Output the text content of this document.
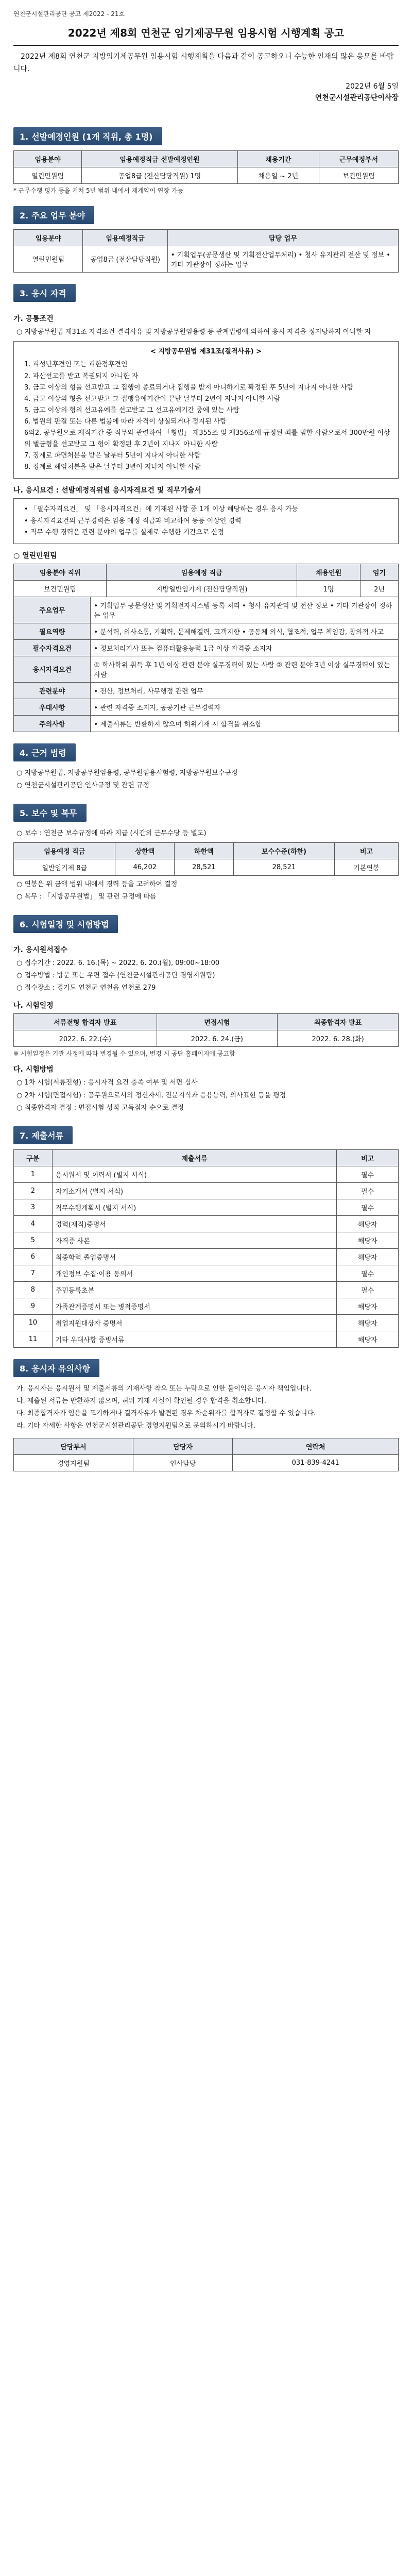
연천군시설관리공단 공고 제2022 - 21호
2022년 제8회 연천군 임기제공무원 임용시험 시행계획 공고

2022년 제8회 연천군 지방임기제공무원 임용시험 시행계획을 다음과 같이 공고하오니 수능한 인재의 많은 응모를 바랍니다.

2022년 6월 5일
연천군시설관리공단이사장
1. 선발예정인원 (1개 직위, 총 1명)
임용분야	임용예정직급 선발예정인원	채용기간	근무예정부서
열린민원팀	공업8급 (전산담당직원) 1명	채용일 ~ 2년	보건민원팀
* 근무수행 평가 등을 거쳐 5년 범위 내에서 재계약이 연장 가능
2. 주요 업무 분야
임용분야	임용예정직급	담당 업무
열린민원팀	공업8급 (전산담당직원)	• 기획업무(공문생산 및 기획전산업무처리) • 청사 유지관리 전산 및 정보 • 기타 기관장이 정하는 업무
3. 응시 자격
가. 공통조건
○ 지방공무원법 제31조 자격조건 결격사유 및 지방공무원임용령 등 관계법령에 의하여 응시 자격을 정지당하지 아니한 자
< 지방공무원법 제31조(결격사유) >
1. 피성년후견인 또는 피한정후견인
2. 파산선고를 받고 복권되지 아니한 자
3. 금고 이상의 형을 선고받고 그 집행이 종료되거나 집행을 받지 아니하기로 확정된 후 5년이 지나지 아니한 사람
4. 금고 이상의 형을 선고받고 그 집행유예기간이 끝난 날부터 2년이 지나지 아니한 사람
5. 금고 이상의 형의 선고유예를 선고받고 그 선고유예기간 중에 있는 사람
6. 법원의 판결 또는 다른 법률에 따라 자격이 상실되거나 정지된 사람
6의2. 공무원으로 재직기간 중 직무와 관련하여 「형법」 제355조 및 제356조에 규정된 죄를 범한 사람으로서 300만원 이상의 벌금형을 선고받고 그 형이 확정된 후 2년이 지나지 아니한 사람
7. 징계로 파면처분을 받은 날부터 5년이 지나지 아니한 사람
8. 징계로 해임처분을 받은 날부터 3년이 지나지 아니한 사람
나. 응시요건 : 선발예정직위별 응시자격요건 및 직무기술서
• 「필수자격요건」 및 「응시자격요건」에 기재된 사항 중 1개 이상 해당하는 경우 응시 가능
• 응시자격요건의 근무경력은 임용 예정 직급과 비교하여 동등 이상인 경력
• 직무 수행 경력은 관련 분야의 업무를 실제로 수행한 기간으로 산정
○ 열린민원팀
임용분야 직위	임용예정 직급	채용인원	임기
보건민원팀	지방일반임기제 (전산담당직원)	1명	2년
주요업무	• 기획업무 공문생산 및 기획전자시스템 등록 처리 • 청사 유지관리 및 전산 정보 • 기타 기관장이 정하는 업무
필요역량	• 분석력, 의사소통, 기획력, 문제해결력, 고객지향 • 공동체 의식, 협조적, 업무 책임감, 창의적 사고
필수자격요건	• 정보처리기사 또는 컴퓨터활용능력 1급 이상 자격증 소지자
응시자격요건	① 학사학위 취득 후 1년 이상 관련 분야 실무경력이 있는 사람 ② 관련 분야 3년 이상 실무경력이 있는 사람
관련분야	• 전산, 정보처리, 사무행정 관련 업무
우대사항	• 관련 자격증 소지자, 공공기관 근무경력자
주의사항	• 제출서류는 반환하지 않으며 허위기재 시 합격을 취소함
4. 근거 법령
○ 지방공무원법, 지방공무원임용령, 공무원임용시험령, 지방공무원보수규정
○ 연천군시설관리공단 인사규정 및 관련 규정
5. 보수 및 복무
○ 보수 : 연천군 보수규정에 따라 지급 (시간외 근무수당 등 별도)
임용예정 직급	상한액	하한액	보수수준(하한)	비고
일반임기제 8급	46,202	28,521	28,521	기본연봉
○ 연봉은 위 금액 범위 내에서 경력 등을 고려하여 결정
○ 복무 : 「지방공무원법」 및 관련 규정에 따름
6. 시험일정 및 시험방법
가. 응시원서접수
○ 접수기간 : 2022. 6. 16.(목) ~ 2022. 6. 20.(월), 09:00~18:00
○ 접수방법 : 방문 또는 우편 접수 (연천군시설관리공단 경영지원팀)
○ 접수장소 : 경기도 연천군 연천읍 연천로 279
나. 시험일정
서류전형 합격자 발표	면접시험	최종합격자 발표
2022. 6. 22.(수)	2022. 6. 24.(금)	2022. 6. 28.(화)
※ 시험일정은 기관 사정에 따라 변경될 수 있으며, 변경 시 공단 홈페이지에 공고함
다. 시험방법
○ 1차 시험(서류전형) : 응시자격 요건 충족 여부 및 서면 심사
○ 2차 시험(면접시험) : 공무원으로서의 정신자세, 전문지식과 응용능력, 의사표현 등을 평정
○ 최종합격자 결정 : 면접시험 성적 고득점자 순으로 결정
7. 제출서류
구분	제출서류	비고
1	응시원서 및 이력서 (별지 서식)	필수
2	자기소개서 (별지 서식)	필수
3	직무수행계획서 (별지 서식)	필수
4	경력(재직)증명서	해당자
5	자격증 사본	해당자
6	최종학력 졸업증명서	해당자
7	개인정보 수집·이용 동의서	필수
8	주민등록초본	필수
9	가족관계증명서 또는 병적증명서	해당자
10	취업지원대상자 증명서	해당자
11	기타 우대사항 증빙서류	해당자
8. 응시자 유의사항
가. 응시자는 응시원서 및 제출서류의 기재사항 착오 또는 누락으로 인한 불이익은 응시자 책임입니다.
나. 제출된 서류는 반환하지 않으며, 허위 기재 사실이 확인될 경우 합격을 취소합니다.
다. 최종합격자가 임용을 포기하거나 결격사유가 발견된 경우 차순위자를 합격자로 결정할 수 있습니다.
라. 기타 자세한 사항은 연천군시설관리공단 경영지원팀으로 문의하시기 바랍니다.
담당부서	담당자	연락처
경영지원팀	인사담당	031-839-4241
